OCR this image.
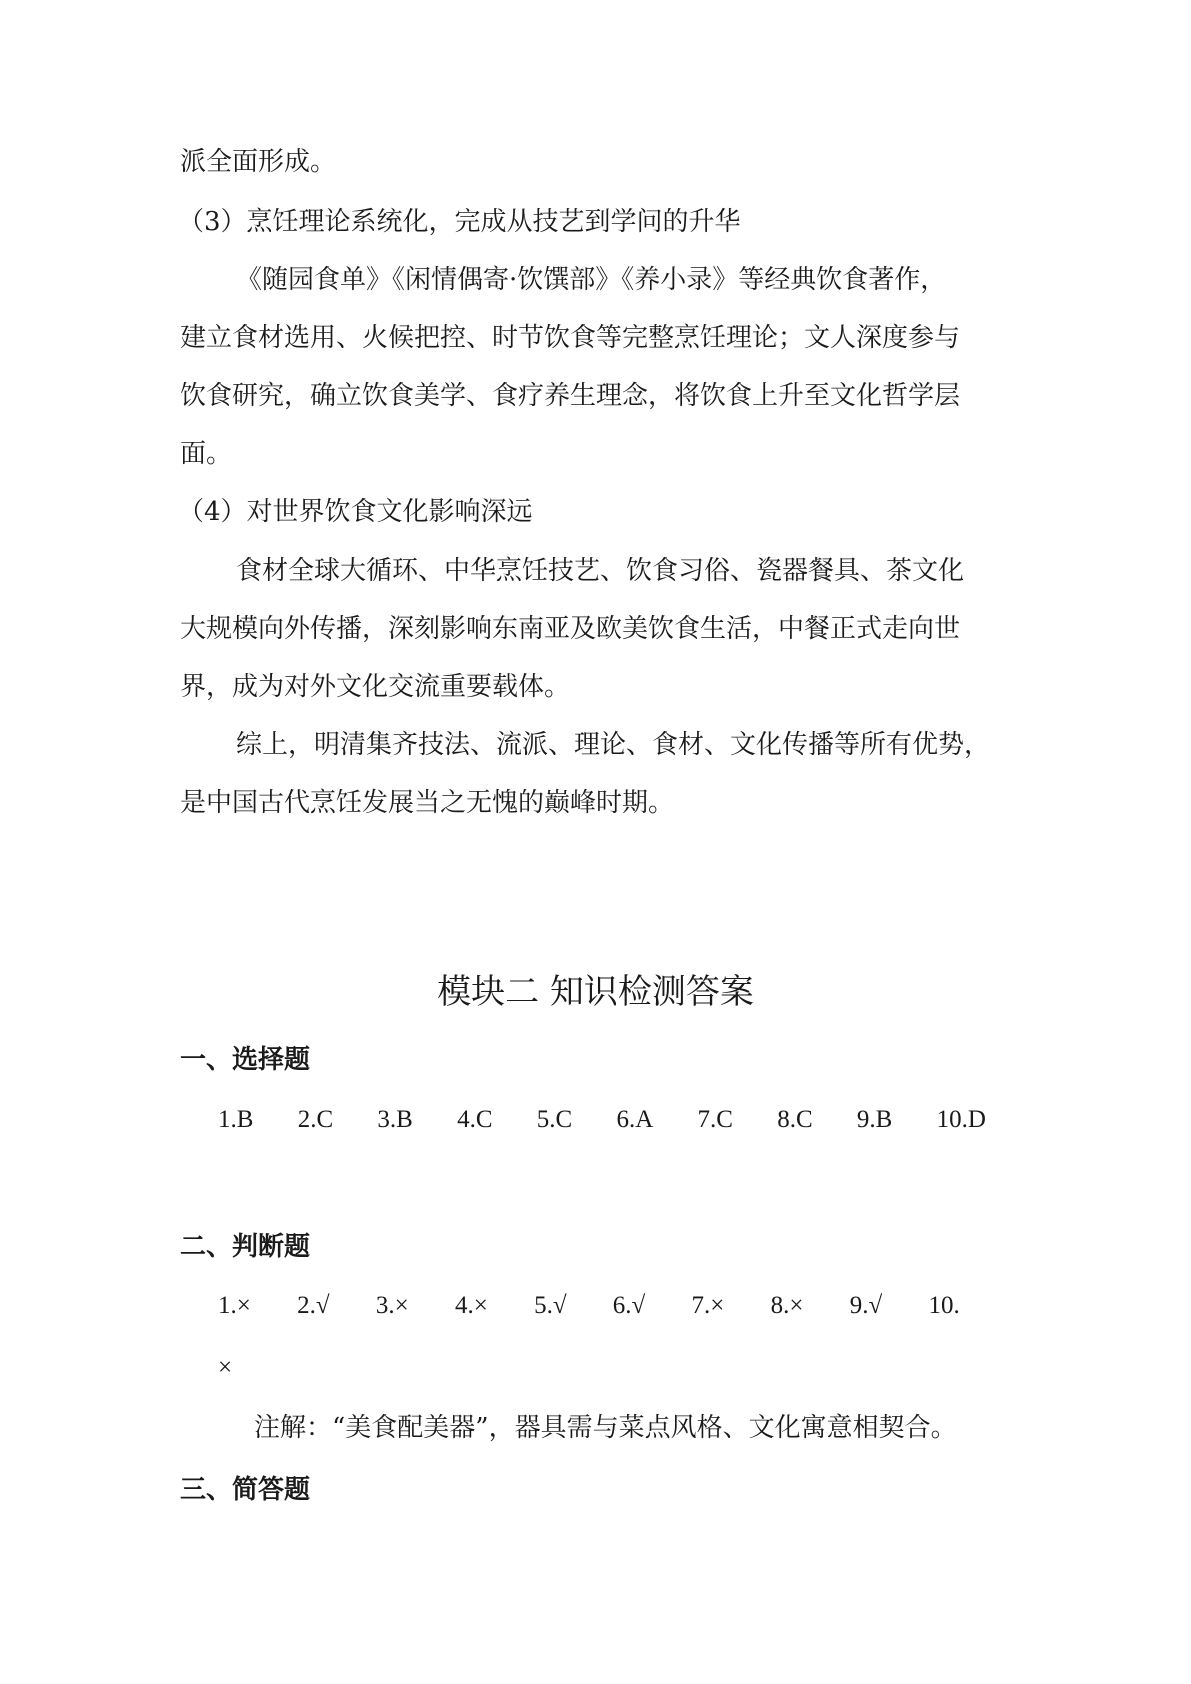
派全面形成。
（3）烹饪理论系统化，完成从技艺到学问的升华
《随园食单》《闲情偶寄·饮馔部》《养小录》等经典饮食著作，
建立食材选用、火候把控、时节饮食等完整烹饪理论；文人深度参与
饮食研究，确立饮食美学、食疗养生理念，将饮食上升至文化哲学层
面。
（4）对世界饮食文化影响深远
食材全球大循环、中华烹饪技艺、饮食习俗、瓷器餐具、茶文化
大规模向外传播，深刻影响东南亚及欧美饮食生活，中餐正式走向世
界，成为对外文化交流重要载体。
综上，明清集齐技法、流派、理论、食材、文化传播等所有优势，
是中国古代烹饪发展当之无愧的巅峰时期。
模块二 知识检测答案
一、选择题
1.B 2.C 3.B 4.C 5.C 6.A 7.C 8.C 9.B 10.D
二、判断题
1.× 2.√ 3.× 4.× 5.√ 6.√ 7.× 8.× 9.√ 10.
×
注解：“美食配美器”，器具需与菜点风格、文化寓意相契合。
三、简答题
